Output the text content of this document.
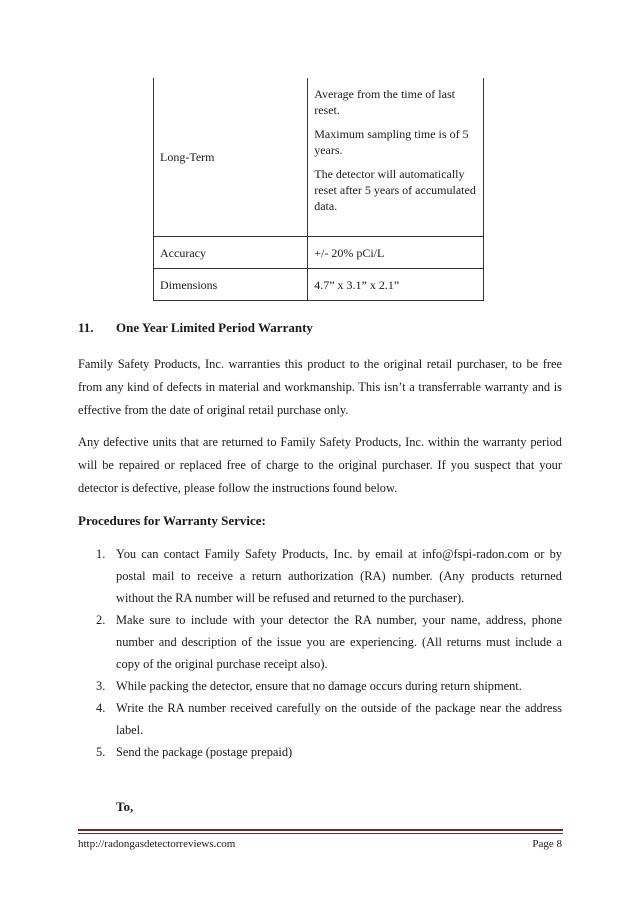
Long-Term	Average from the time of last reset.

Maximum sampling time is of 5 years.

The detector will automatically reset after 5 years of accumulated data.

Accuracy	+/- 20% pCi/L
Dimensions	4.7” x 3.1” x 2.1”
11. One Year Limited Period Warranty

Family Safety Products, Inc. warranties this product to the original retail purchaser, to be free from any kind of defects in material and workmanship. This isn’t a transferrable warranty and is effective from the date of original retail purchase only.

Any defective units that are returned to Family Safety Products, Inc. within the warranty period will be repaired or replaced free of charge to the original purchaser. If you suspect that your detector is defective, please follow the instructions found below.

Procedures for Warranty Service:

1. You can contact Family Safety Products, Inc. by email at info@fspi-radon.com or by postal mail to receive a return authorization (RA) number. (Any products returned without the RA number will be refused and returned to the purchaser).
2. Make sure to include with your detector the RA number, your name, address, phone number and description of the issue you are experiencing. (All returns must include a copy of the original purchase receipt also).
3. While packing the detector, ensure that no damage occurs during return shipment.
4. Write the RA number received carefully on the outside of the package near the address label.
5. Send the package (postage prepaid)
To,
http://radongasdetectorreviews.com	Page 8
